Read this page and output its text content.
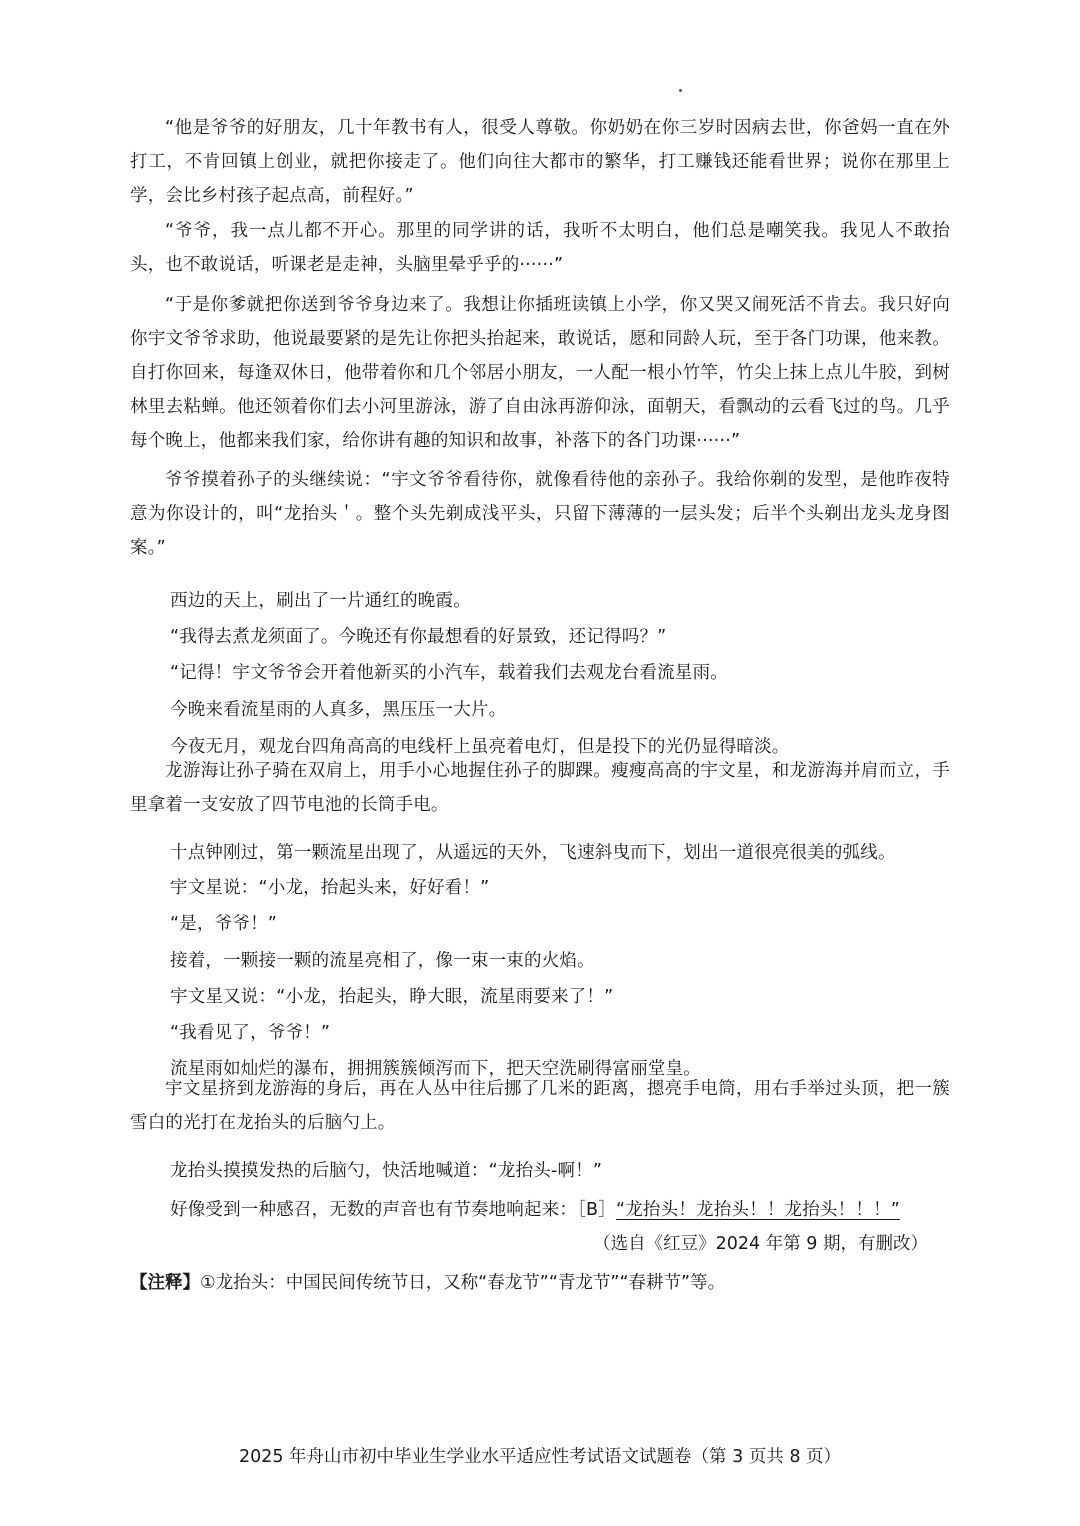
“他是爷爷的好朋友，几十年教书有人，很受人尊敬。你奶奶在你三岁时因病去世，你爸妈一直在外打工，不肯回镇上创业，就把你接走了。他们向往大都市的繁华，打工赚钱还能看世界；说你在那里上学，会比乡村孩子起点高，前程好。”

“爷爷，我一点儿都不开心。那里的同学讲的话，我听不太明白，他们总是嘲笑我。我见人不敢抬头，也不敢说话，听课老是走神，头脑里晕乎乎的······”

“于是你爹就把你送到爷爷身边来了。我想让你插班读镇上小学，你又哭又闹死活不肯去。我只好向你宇文爷爷求助，他说最要紧的是先让你把头抬起来，敢说话，愿和同龄人玩，至于各门功课，他来教。自打你回来，每逢双休日，他带着你和几个邻居小朋友，一人配一根小竹竿，竹尖上抹上点儿牛胶，到树林里去粘蝉。他还领着你们去小河里游泳，游了自由泳再游仰泳，面朝天，看飘动的云看飞过的鸟。几乎每个晚上，他都来我们家，给你讲有趣的知识和故事，补落下的各门功课······”

爷爷摸着孙子的头继续说：“宇文爷爷看待你，就像看待他的亲孙子。我给你剃的发型，是他昨夜特意为你设计的，叫“龙抬头＇。整个头先剃成浅平头，只留下薄薄的一层头发；后半个头剃出龙头龙身图案。”

西边的天上，刷出了一片通红的晚霞。

“我得去煮龙须面了。今晚还有你最想看的好景致，还记得吗？”

“记得！宇文爷爷会开着他新买的小汽车，载着我们去观龙台看流星雨。

今晚来看流星雨的人真多，黑压压一大片。

今夜无月，观龙台四角高高的电线杆上虽亮着电灯，但是投下的光仍显得暗淡。

龙游海让孙子骑在双肩上，用手小心地握住孙子的脚踝。瘦瘦高高的宇文星，和龙游海并肩而立，手里拿着一支安放了四节电池的长筒手电。

十点钟刚过，第一颗流星出现了，从遥远的天外，飞速斜曳而下，划出一道很亮很美的弧线。

宇文星说：“小龙，抬起头来，好好看！”

“是，爷爷！”

接着，一颗接一颗的流星亮相了，像一束一束的火焰。

宇文星又说：“小龙，抬起头，睁大眼，流星雨要来了！”

“我看见了，爷爷！”

流星雨如灿烂的瀑布，拥拥簇簇倾泻而下，把天空洗刷得富丽堂皇。

宇文星挤到龙游海的身后，再在人丛中往后挪了几米的距离，摁亮手电筒，用右手举过头顶，把一簇雪白的光打在龙抬头的后脑勺上。

龙抬头摸摸发热的后脑勺，快活地喊道：“龙抬头-啊！”

好像受到一种感召，无数的声音也有节奏地响起来：［B］“龙抬头！龙抬头！！龙抬头！！！”

（选自《红豆》2024 年第 9 期，有删改）
【注释】①龙抬头：中国民间传统节日，又称“春龙节”“青龙节”“春耕节”等。
2025 年舟山市初中毕业生学业水平适应性考试语文试题卷（第 3 页共 8 页）
